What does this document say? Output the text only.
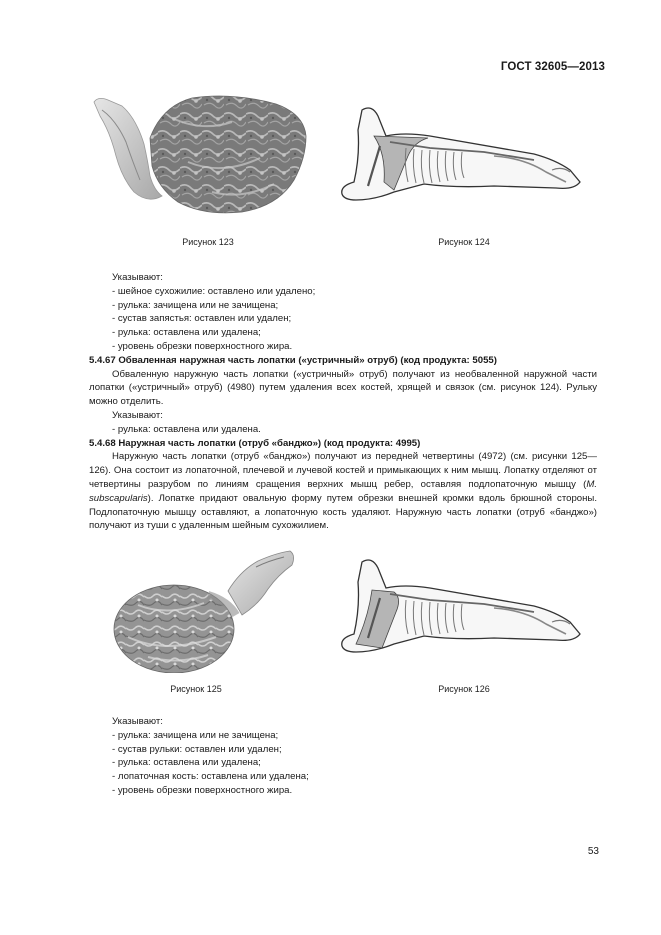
ГОСТ 32605—2013
Рисунок 123	Рисунок 124

Указывают:

- шейное сухожилие: оставлено или удалено;

- рулька: зачищена или не зачищена;

- сустав запястья: оставлен или удален;

- рулька: оставлена или удалена;

- уровень обрезки поверхностного жира.

5.4.67 Обваленная наружная часть лопатки («устричный» отруб) (код продукта: 5055)

Обваленную наружную часть лопатки («устричный» отруб) получают из необваленной наружной части лопатки («устричный» отруб) (4980) путем удаления всех костей, хрящей и связок (см. рисунок 124). Рульку можно отделить.

Указывают:

- рулька: оставлена или удалена.

5.4.68 Наружная часть лопатки (отруб «банджо») (код продукта: 4995)

Наружную часть лопатки (отруб «банджо») получают из передней четвертины (4972) (см. рисунки 125—126). Она состоит из лопаточной, плечевой и лучевой костей и примыкающих к ним мышц. Лопатку отделяют от четвертины разрубом по линиям сращения верхних мышц ребер, оставляя подлопаточную мышцу (M. subscapularis). Лопатке придают овальную форму путем обрезки внешней кромки вдоль брюшной стороны. Подлопаточную мышцу оставляют, а лопаточную кость удаляют. Наружную часть лопатки (отруб «банджо») получают из туши с удаленным шейным сухожилием.

Рисунок 125	Рисунок 126

Указывают:

- рулька: зачищена или не зачищена;

- сустав рульки: оставлен или удален;

- рулька: оставлена или удалена;

- лопаточная кость: оставлена или удалена;

- уровень обрезки поверхностного жира.

53
